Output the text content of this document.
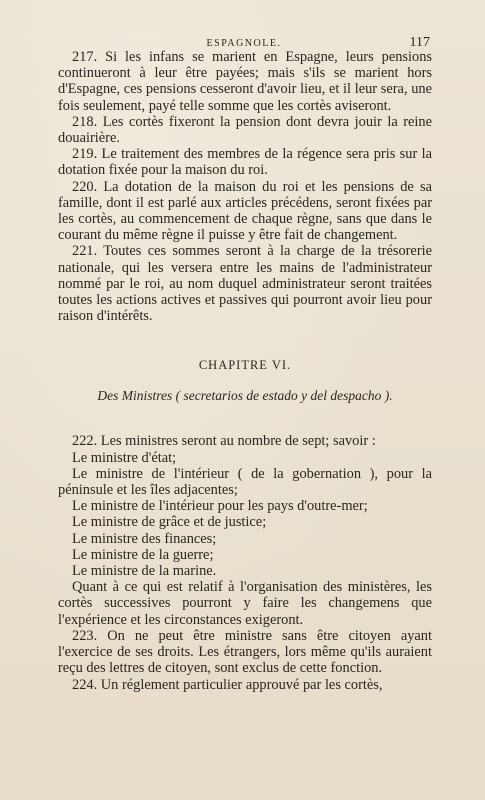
ESPAGNOLE.	117

217. Si les infans se marient en Espagne, leurs pensions continueront à leur être payées; mais s'ils se marient hors d'Espagne, ces pensions cesseront d'avoir lieu, et il leur sera, une fois seulement, payé telle somme que les cortès aviseront.

218. Les cortès fixeront la pension dont devra jouir la reine douairière.

219. Le traitement des membres de la régence sera pris sur la dotation fixée pour la maison du roi.

220. La dotation de la maison du roi et les pensions de sa famille, dont il est parlé aux articles précédens, seront fixées par les cortès, au commencement de chaque règne, sans que dans le courant du même règne il puisse y être fait de changement.

221. Toutes ces sommes seront à la charge de la trésorerie nationale, qui les versera entre les mains de l'administrateur nommé par le roi, au nom duquel administrateur seront traitées toutes les actions actives et passives qui pourront avoir lieu pour raison d'intérêts.

CHAPITRE VI.

Des Ministres ( secretarios de estado y del despacho ).

222. Les ministres seront au nombre de sept; savoir :

Le ministre d'état;

Le ministre de l'intérieur ( de la gobernation ), pour la péninsule et les îles adjacentes;

Le ministre de l'intérieur pour les pays d'outre-mer;

Le ministre de grâce et de justice;

Le ministre des finances;

Le ministre de la guerre;

Le ministre de la marine.

Quant à ce qui est relatif à l'organisation des ministères, les cortès successives pourront y faire les changemens que l'expérience et les circonstances exigeront.

223. On ne peut être ministre sans être citoyen ayant l'exercice de ses droits. Les étrangers, lors même qu'ils auraient reçu des lettres de citoyen, sont exclus de cette fonction.

224. Un réglement particulier approuvé par les cortès,
